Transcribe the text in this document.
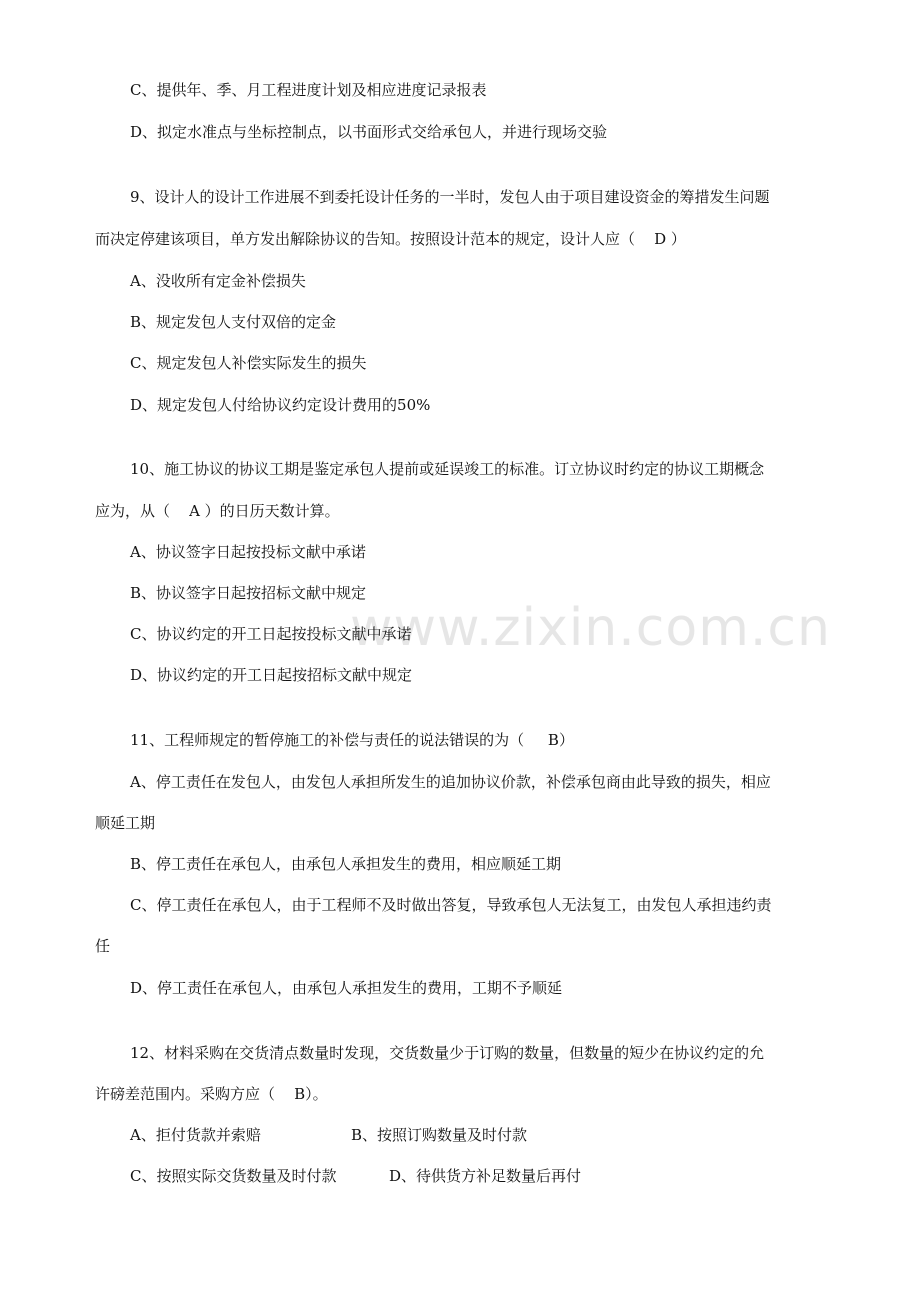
www.zixin.com.cn
C、提供年、季、月工程进度计划及相应进度记录报表
D、拟定水准点与坐标控制点，以书面形式交给承包人，并进行现场交验
9、设计人的设计工作进展不到委托设计任务的一半时，发包人由于项目建设资金的筹措发生问题
而决定停建该项目，单方发出解除协议的告知。按照设计范本的规定，设计人应（    D ）
A、没收所有定金补偿损失
B、规定发包人支付双倍的定金
C、规定发包人补偿实际发生的损失
D、规定发包人付给协议约定设计费用的50%
10、施工协议的协议工期是鉴定承包人提前或延误竣工的标准。订立协议时约定的协议工期概念
应为，从（    A ）的日历天数计算。
A、协议签字日起按投标文献中承诺
B、协议签字日起按招标文献中规定
C、协议约定的开工日起按投标文献中承诺
D、协议约定的开工日起按招标文献中规定
11、工程师规定的暂停施工的补偿与责任的说法错误的为（     B）
A、停工责任在发包人，由发包人承担所发生的追加协议价款，补偿承包商由此导致的损失，相应
顺延工期
B、停工责任在承包人，由承包人承担发生的费用，相应顺延工期
C、停工责任在承包人，由于工程师不及时做出答复，导致承包人无法复工，由发包人承担违约责
任
D、停工责任在承包人，由承包人承担发生的费用，工期不予顺延
12、材料采购在交货清点数量时发现，交货数量少于订购的数量，但数量的短少在协议约定的允
许磅差范围内。采购方应（    B）。
A、拒付货款并索赔	B、按照订购数量及时付款
C、按照实际交货数量及时付款	D、待供货方补足数量后再付
